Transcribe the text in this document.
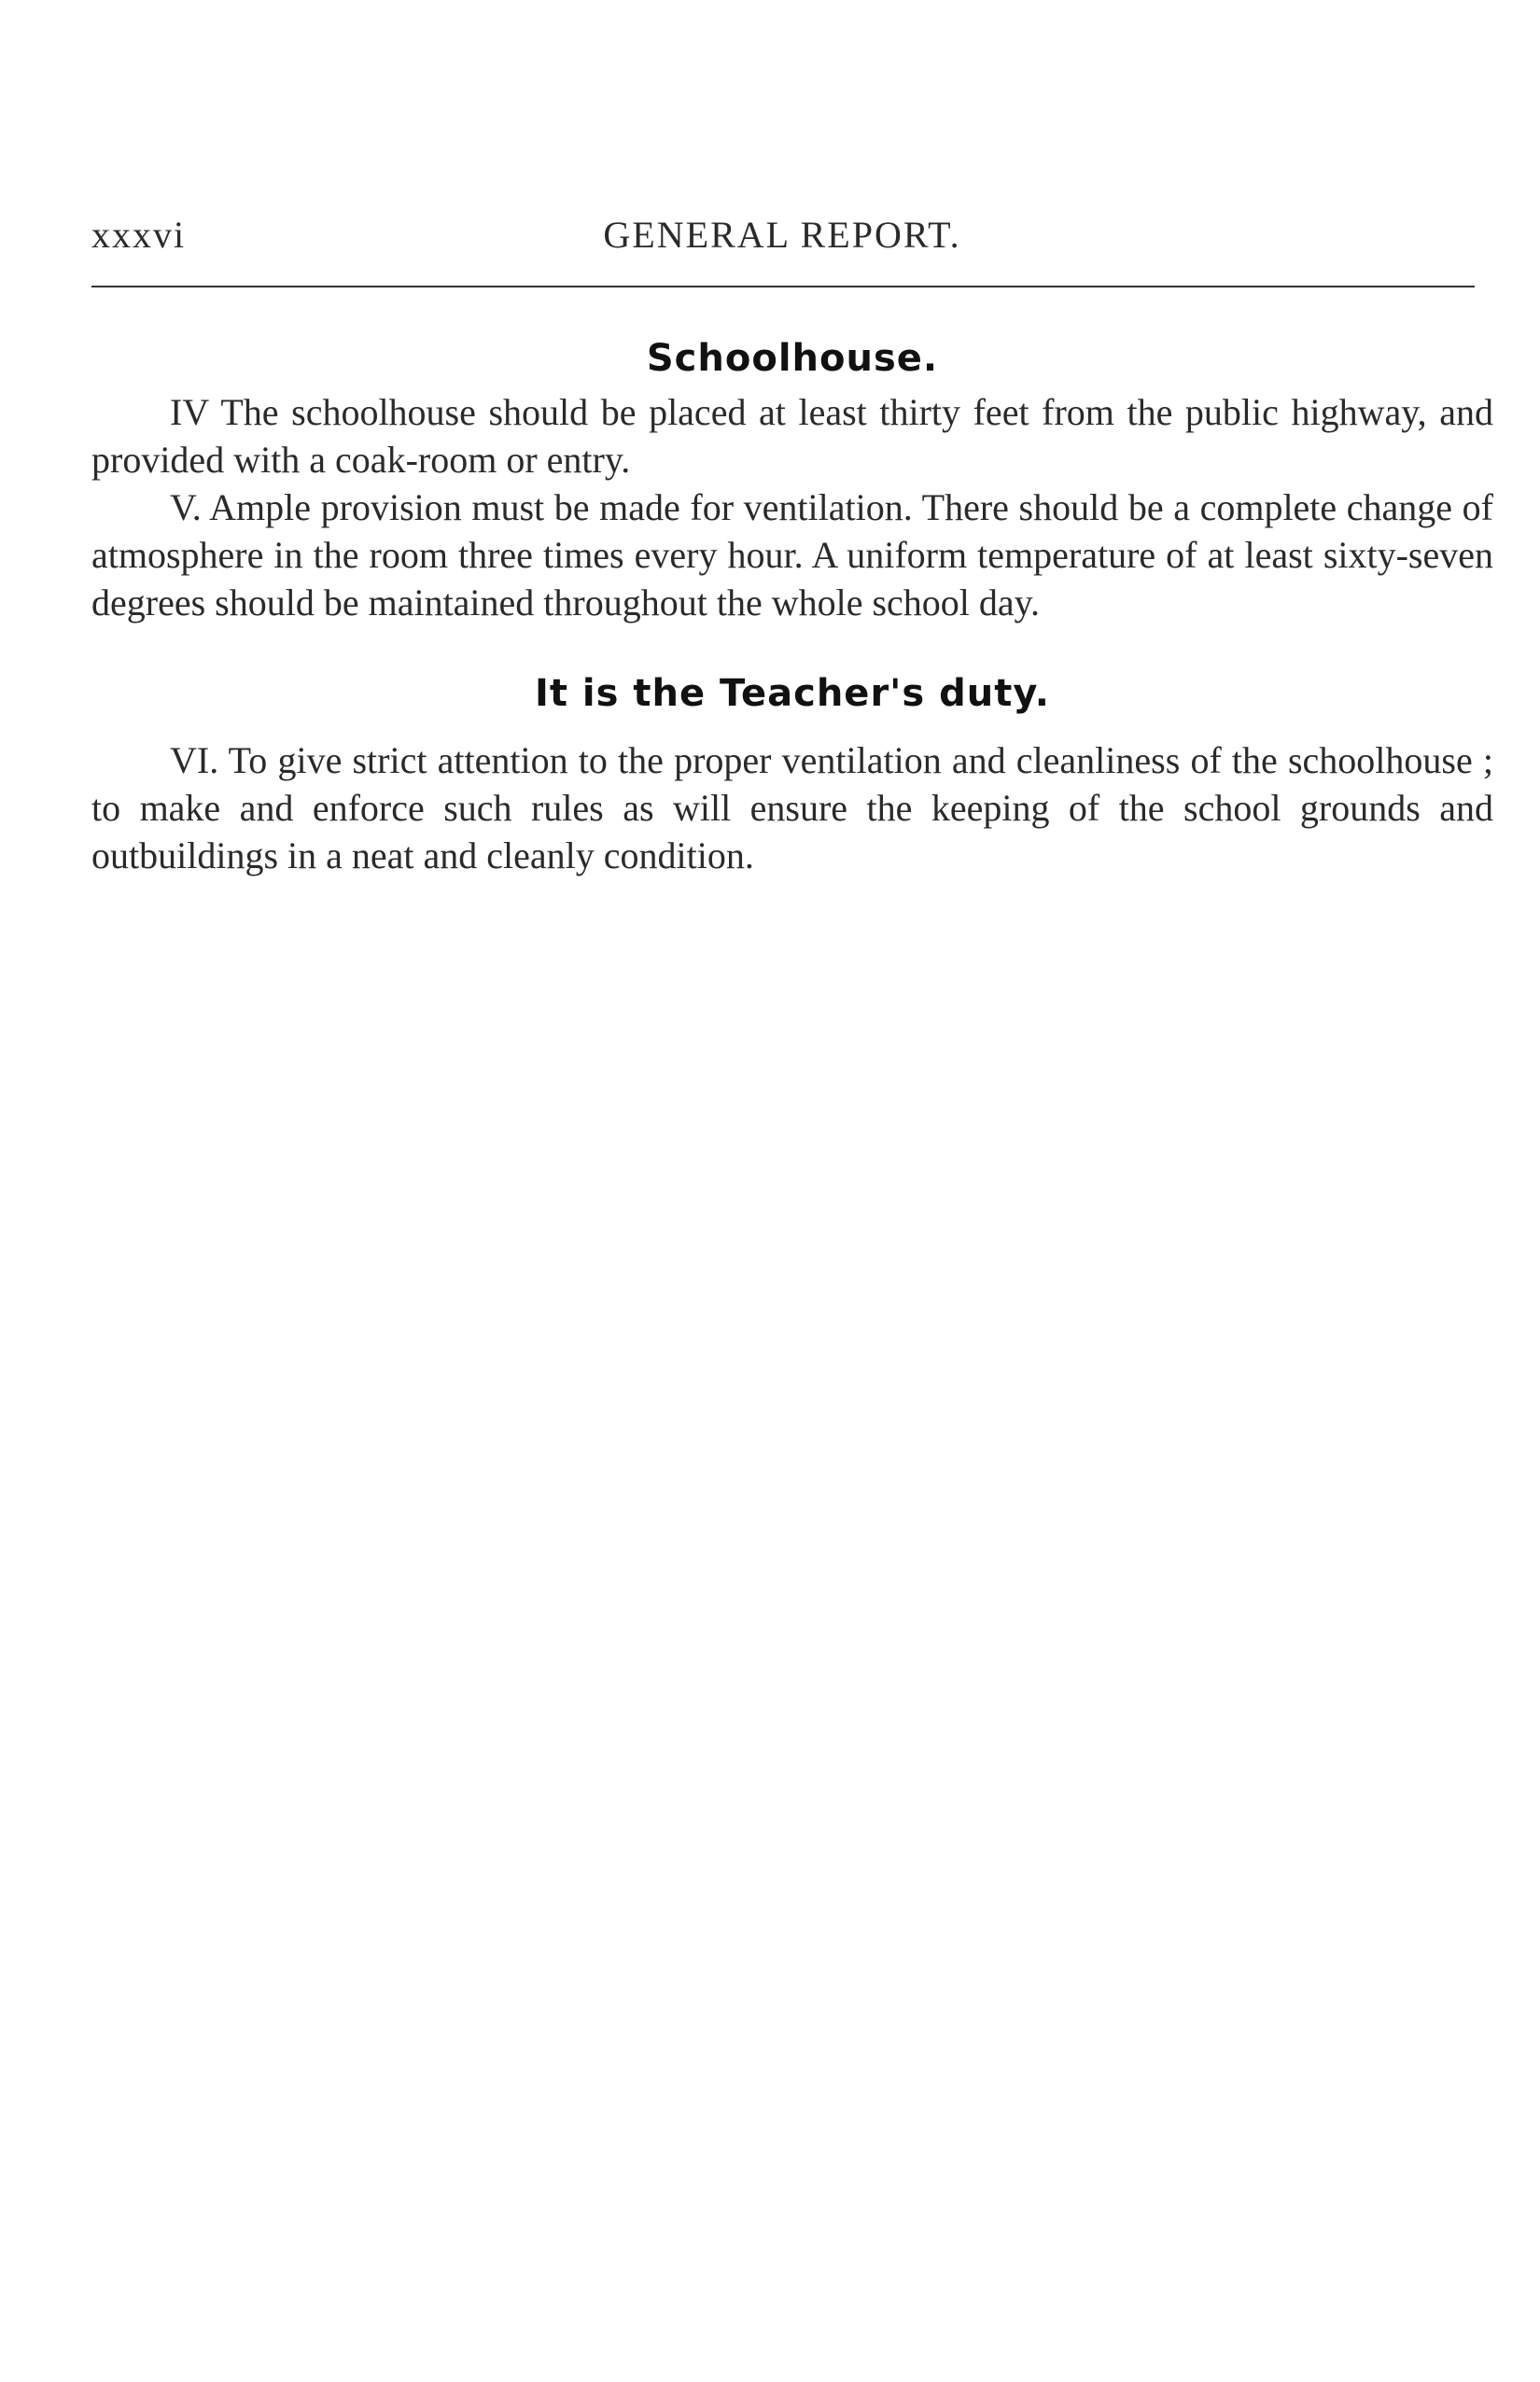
xxxvi	GENERAL REPORT.
Schoolhouse.

IV The schoolhouse should be placed at least thirty feet from the public highway, and provided with a coak-room or entry.

V. Ample provision must be made for ventilation. There should be a complete change of atmosphere in the room three times every hour. A uniform temperature of at least sixty-seven degrees should be maintained throughout the whole school day.

It is the Teacher's duty.

VI. To give strict attention to the proper ventilation and cleanliness of the schoolhouse ; to make and enforce such rules as will ensure the keeping of the school grounds and outbuildings in a neat and cleanly condition.
